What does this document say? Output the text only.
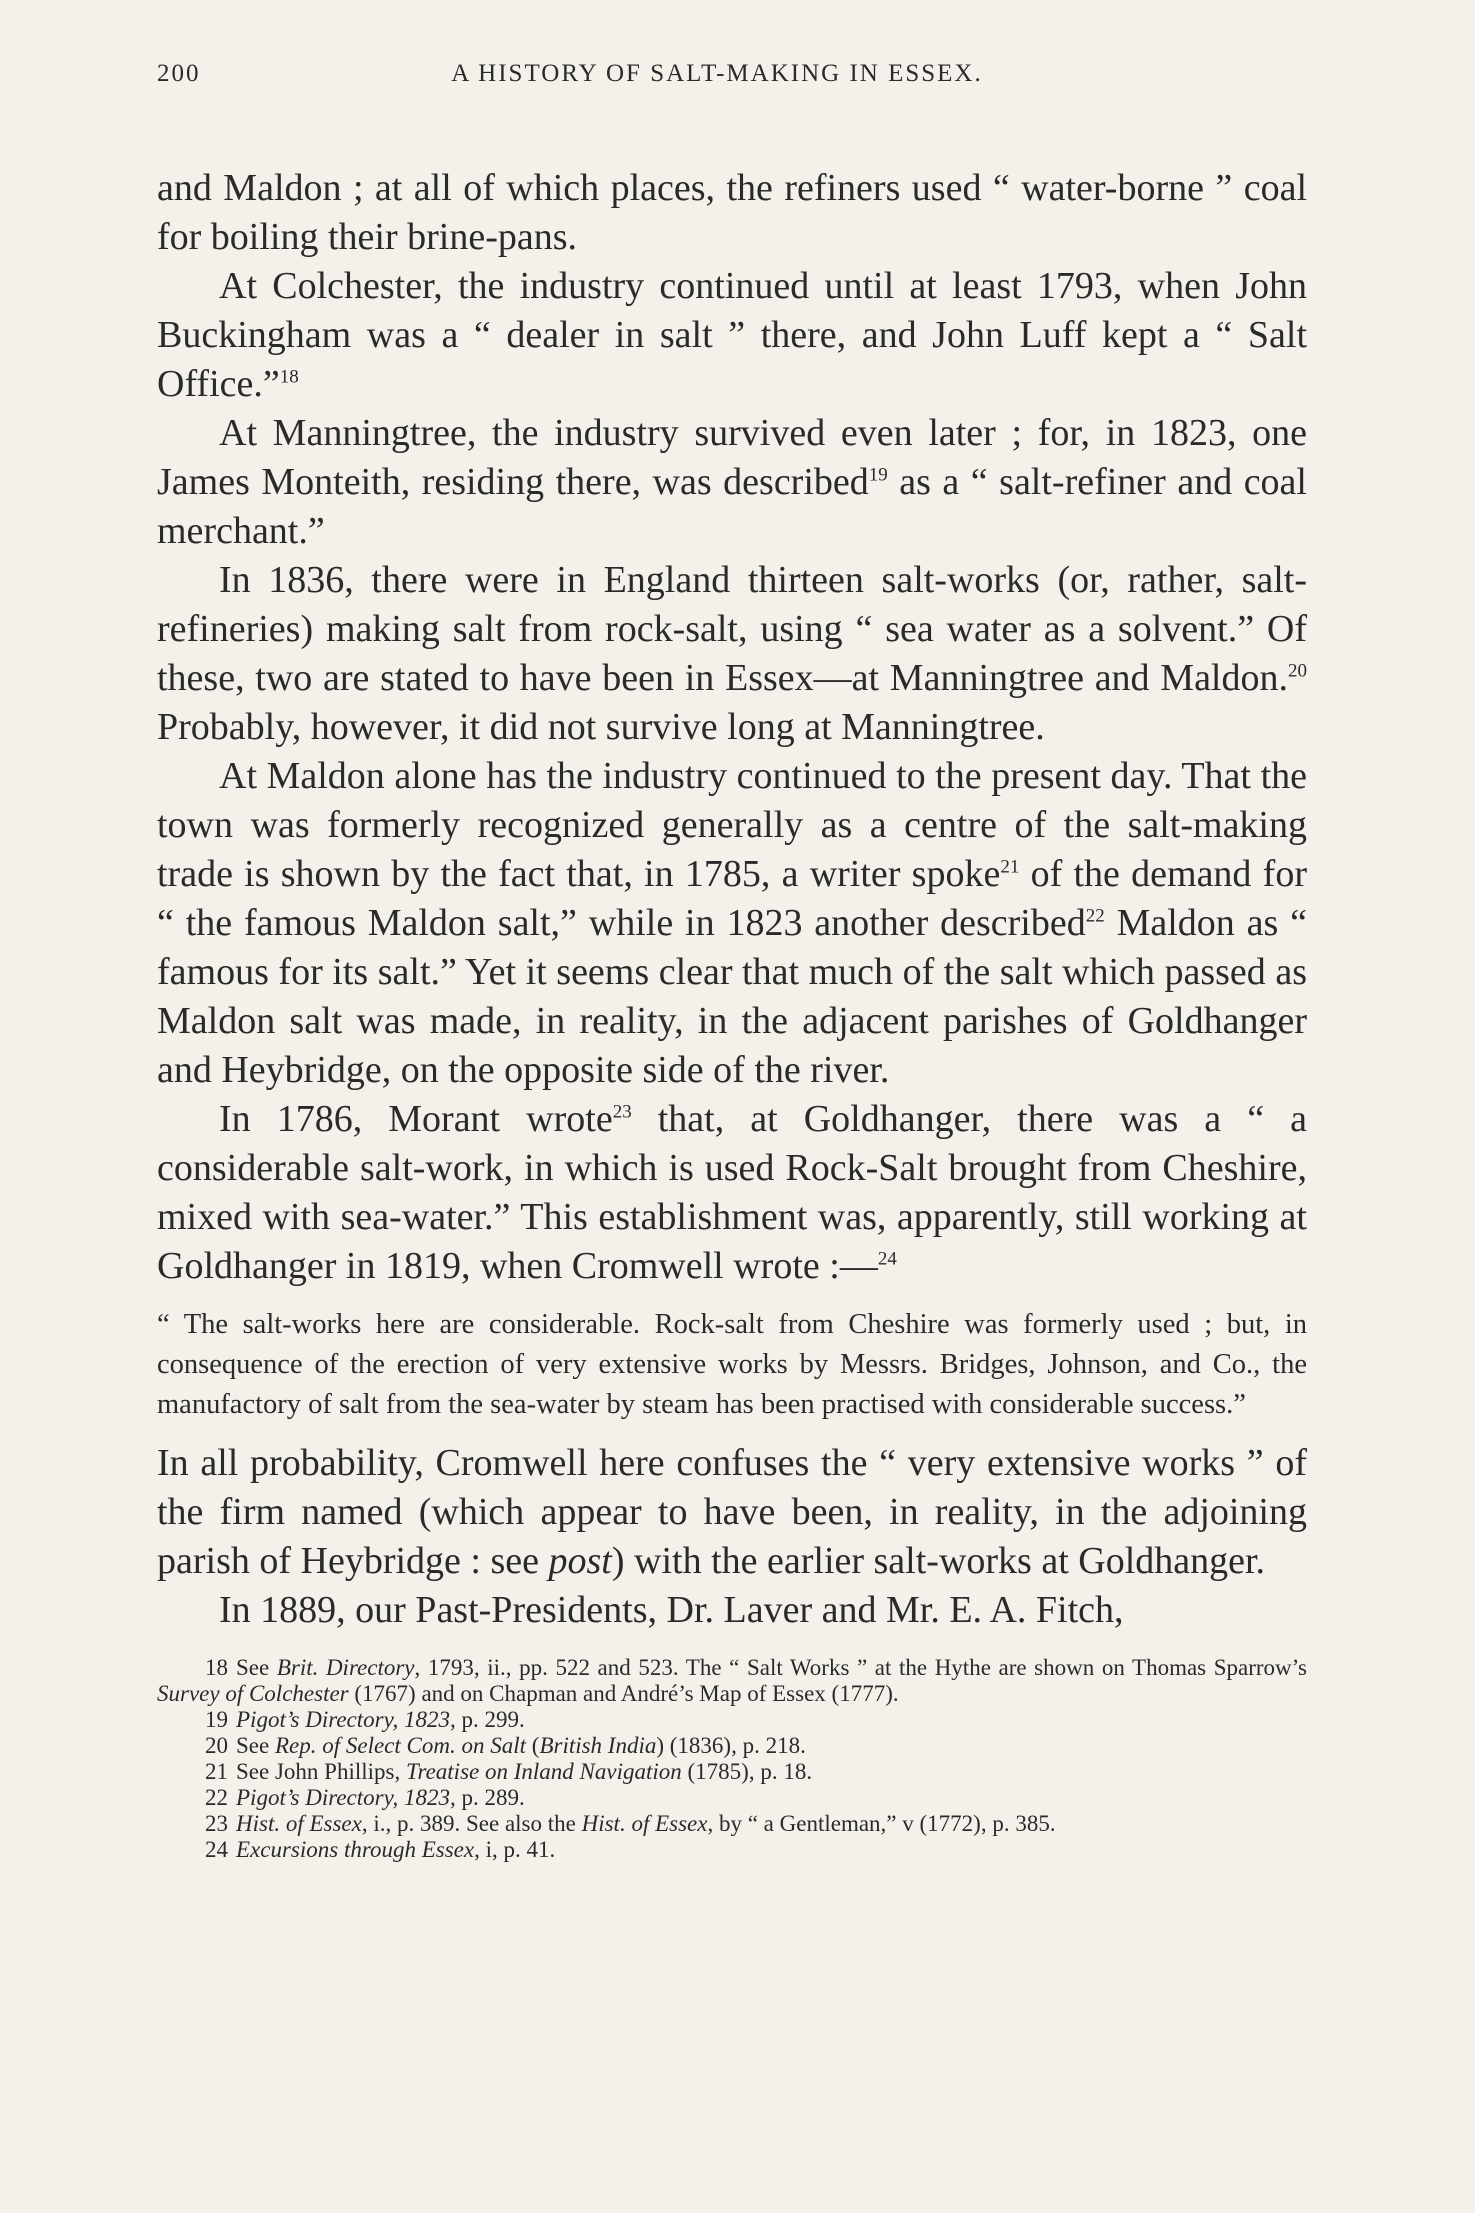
200	A HISTORY OF SALT-MAKING IN ESSEX.

and Maldon ; at all of which places, the refiners used “ water-borne ” coal for boiling their brine-pans.

At Colchester, the industry continued until at least 1793, when John Buckingham was a “ dealer in salt ” there, and John Luff kept a “ Salt Office.”$^{18}$

At Manningtree, the industry survived even later ; for, in 1823, one James Monteith, residing there, was described$^{19}$ as a “ salt-refiner and coal merchant.”

In 1836, there were in England thirteen salt-works (or, rather, salt-refineries) making salt from rock-salt, using “ sea water as a solvent.” Of these, two are stated to have been in Essex—at Manningtree and Maldon.$^{20}$ Probably, however, it did not survive long at Manningtree.

At Maldon alone has the industry continued to the present day. That the town was formerly recognized generally as a centre of the salt-making trade is shown by the fact that, in 1785, a writer spoke$^{21}$ of the demand for “ the famous Maldon salt,” while in 1823 another described$^{22}$ Maldon as “ famous for its salt.” Yet it seems clear that much of the salt which passed as Maldon salt was made, in reality, in the adjacent parishes of Goldhanger and Heybridge, on the opposite side of the river.

In 1786, Morant wrote$^{23}$ that, at Goldhanger, there was a “ a considerable salt-work, in which is used Rock-Salt brought from Cheshire, mixed with sea-water.” This establishment was, apparently, still working at Goldhanger in 1819, when Cromwell wrote :—$^{24}$

“ The salt-works here are considerable. Rock-salt from Cheshire was formerly used ; but, in consequence of the erection of very extensive works by Messrs. Bridges, Johnson, and Co., the manufactory of salt from the sea-water by steam has been practised with considerable success.”

In all probability, Cromwell here confuses the “ very extensive works ” of the firm named (which appear to have been, in reality, in the adjoining parish of Heybridge : see post) with the earlier salt-works at Goldhanger.

In 1889, our Past-Presidents, Dr. Laver and Mr. E. A. Fitch,

18 See Brit. Directory, 1793, ii., pp. 522 and 523. The “ Salt Works ” at the Hythe are shown on Thomas Sparrow’s Survey of Colchester (1767) and on Chapman and André’s Map of Essex (1777).

19 Pigot’s Directory, 1823, p. 299.

20 See Rep. of Select Com. on Salt (British India) (1836), p. 218.

21 See John Phillips, Treatise on Inland Navigation (1785), p. 18.

22 Pigot’s Directory, 1823, p. 289.

23 Hist. of Essex, i., p. 389. See also the Hist. of Essex, by “ a Gentleman,” v (1772), p. 385.

24 Excursions through Essex, i, p. 41.
